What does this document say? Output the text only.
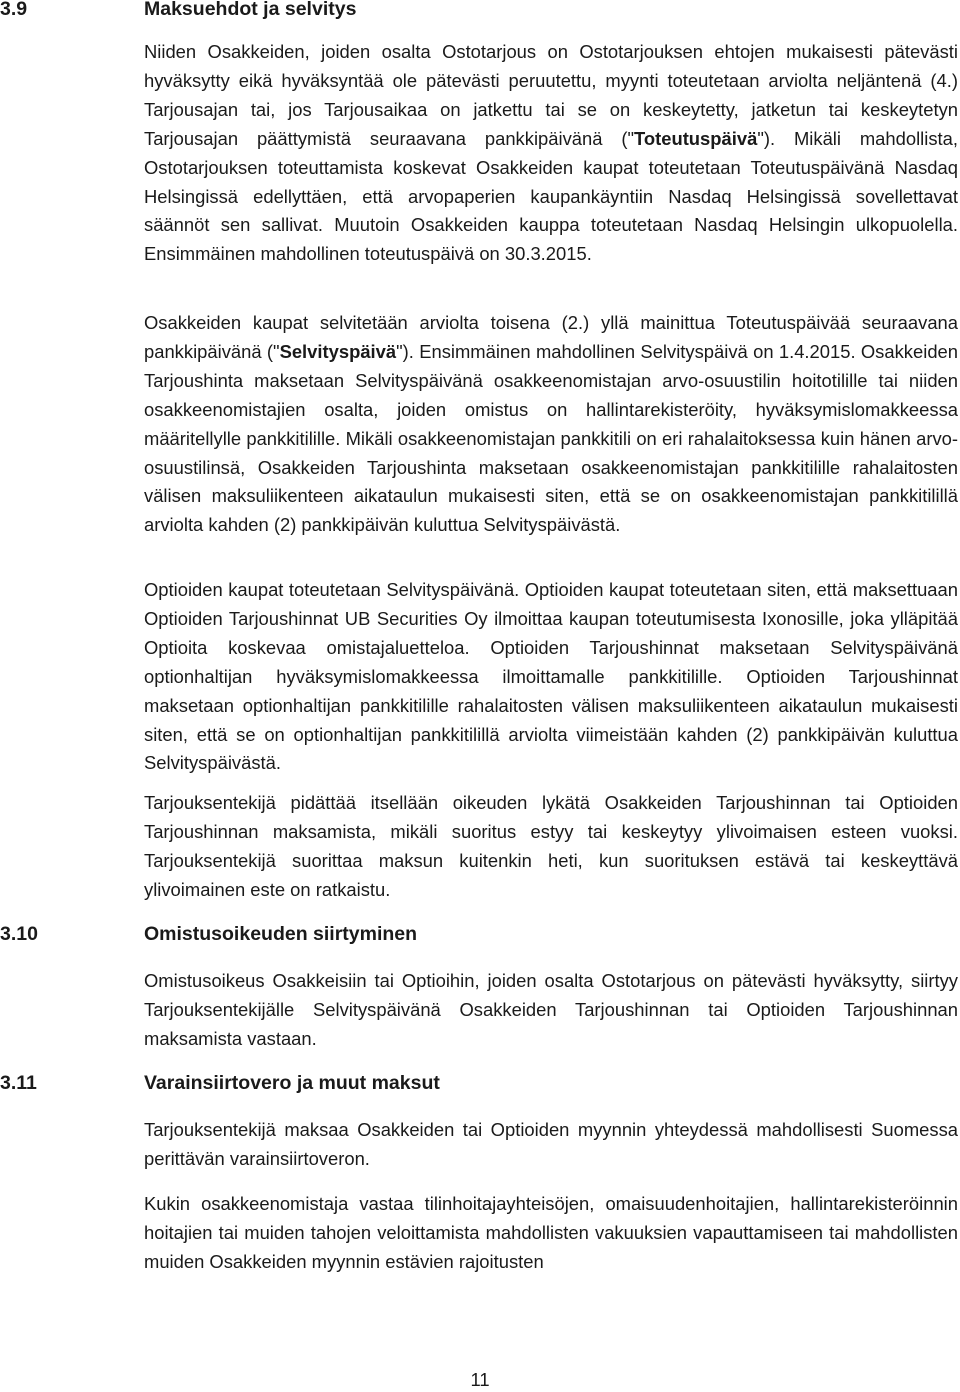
3.9	Maksuehdot ja selvitys
Niiden Osakkeiden, joiden osalta Ostotarjous on Ostotarjouksen ehtojen mukaisesti pätevästi hyväksytty eikä hyväksyntää ole pätevästi peruutettu, myynti toteutetaan arviolta neljäntenä (4.) Tarjousajan tai, jos Tarjousaikaa on jatkettu tai se on keskeytetty, jatketun tai keskeytetyn Tarjousajan päättymistä seuraavana pankkipäivänä ("Toteutuspäivä"). Mikäli mahdollista, Ostotarjouksen toteuttamista koskevat Osakkeiden kaupat toteutetaan Toteutuspäivänä Nasdaq Helsingissä edellyttäen, että arvopaperien kaupankäyntiin Nasdaq Helsingissä sovellettavat säännöt sen sallivat. Muutoin Osakkeiden kauppa toteutetaan Nasdaq Helsingin ulkopuolella. Ensimmäinen mahdollinen toteutuspäivä on 30.3.2015.
Osakkeiden kaupat selvitetään arviolta toisena (2.) yllä mainittua Toteutuspäivää seuraavana pankkipäivänä ("Selvityspäivä"). Ensimmäinen mahdollinen Selvityspäivä on 1.4.2015. Osakkeiden Tarjoushinta maksetaan Selvityspäivänä osakkeenomistajan arvo-osuustilin hoitotilille tai niiden osakkeenomistajien osalta, joiden omistus on hallintarekisteröity, hyväksymislomakkeessa määritellylle pankkitilille. Mikäli osakkeenomistajan pankkitili on eri rahalaitoksessa kuin hänen arvo-osuustilinsä, Osakkeiden Tarjoushinta maksetaan osakkeenomistajan pankkitilille rahalaitosten välisen maksuliikenteen aikataulun mukaisesti siten, että se on osakkeenomistajan pankkitilillä arviolta kahden (2) pankkipäivän kuluttua Selvityspäivästä.
Optioiden kaupat toteutetaan Selvityspäivänä. Optioiden kaupat toteutetaan siten, että maksettuaan Optioiden Tarjoushinnat UB Securities Oy ilmoittaa kaupan toteutumisesta Ixonosille, joka ylläpitää Optioita koskevaa omistajaluetteloa. Optioiden Tarjoushinnat maksetaan Selvityspäivänä optionhaltijan hyväksymislomakkeessa ilmoittamalle pankkitilille. Optioiden Tarjoushinnat maksetaan optionhaltijan pankkitilille rahalaitosten välisen maksuliikenteen aikataulun mukaisesti siten, että se on optionhaltijan pankkitilillä arviolta viimeistään kahden (2) pankkipäivän kuluttua Selvityspäivästä.
Tarjouksentekijä pidättää itsellään oikeuden lykätä Osakkeiden Tarjoushinnan tai Optioiden Tarjoushinnan maksamista, mikäli suoritus estyy tai keskeytyy ylivoimaisen esteen vuoksi. Tarjouksentekijä suorittaa maksun kuitenkin heti, kun suorituksen estävä tai keskeyttävä ylivoimainen este on ratkaistu.
3.10	Omistusoikeuden siirtyminen
Omistusoikeus Osakkeisiin tai Optioihin, joiden osalta Ostotarjous on pätevästi hyväksytty, siirtyy Tarjouksentekijälle Selvityspäivänä Osakkeiden Tarjoushinnan tai Optioiden Tarjoushinnan maksamista vastaan.
3.11	Varainsiirtovero ja muut maksut
Tarjouksentekijä maksaa Osakkeiden tai Optioiden myynnin yhteydessä mahdollisesti Suomessa perittävän varainsiirtoveron.
Kukin osakkeenomistaja vastaa tilinhoitajayhteisöjen, omaisuudenhoitajien, hallintarekisteröinnin hoitajien tai muiden tahojen veloittamista mahdollisten vakuuksien vapauttamiseen tai mahdollisten muiden Osakkeiden myynnin estävien rajoitusten
11
